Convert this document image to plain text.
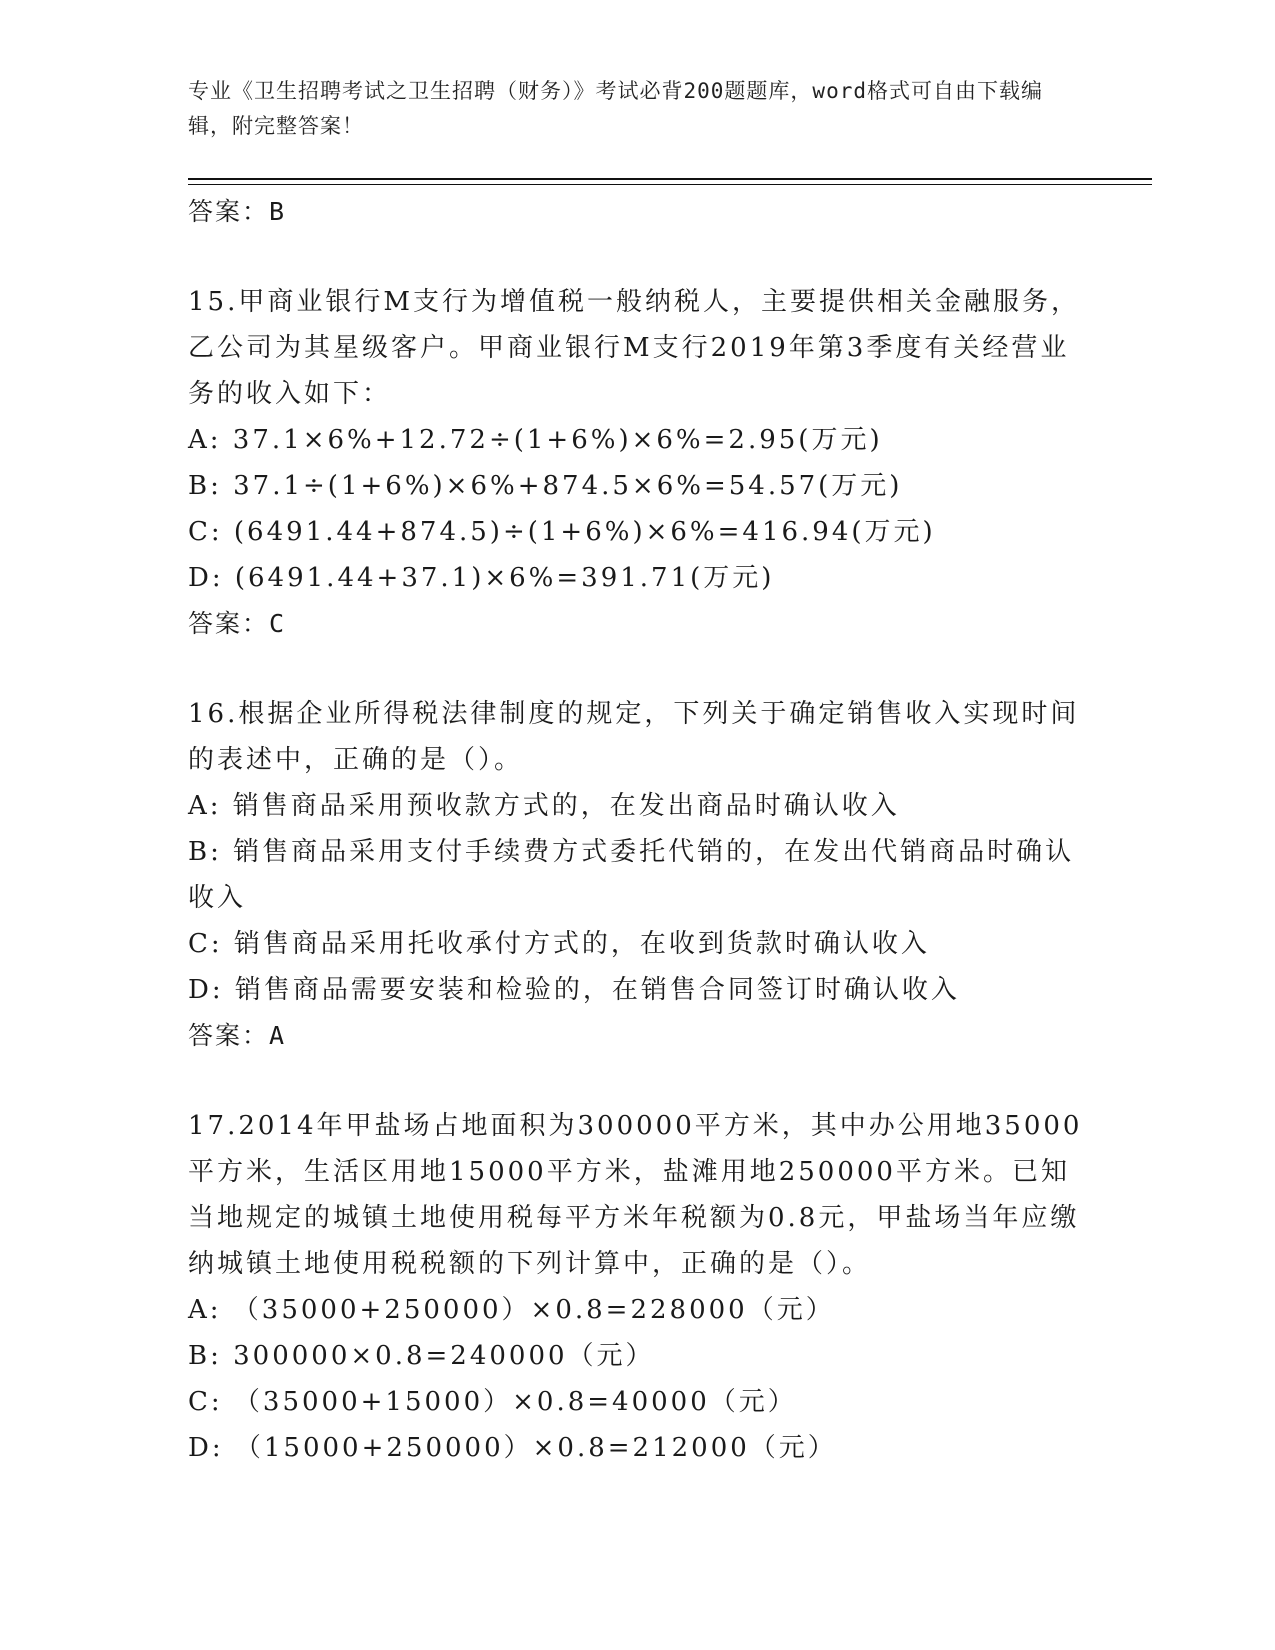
专业《卫生招聘考试之卫生招聘（财务）》考试必背200题题库，word格式可自由下载编辑，附完整答案！

答案：B

15.甲商业银行M支行为增值税一般纳税人，主要提供相关金融服务，乙公司为其星级客户。甲商业银行M支行2019年第3季度有关经营业务的收入如下：

A: 37.1×6%+12.72÷(1+6%)×6%=2.95(万元)

B: 37.1÷(1+6%)×6%+874.5×6%=54.57(万元)

C: (6491.44+874.5)÷(1+6%)×6%=416.94(万元)

D: (6491.44+37.1)×6%=391.71(万元)

答案：C

16.根据企业所得税法律制度的规定，下列关于确定销售收入实现时间的表述中，正确的是（）。

A: 销售商品采用预收款方式的，在发出商品时确认收入

B: 销售商品采用支付手续费方式委托代销的，在发出代销商品时确认收入

C: 销售商品采用托收承付方式的，在收到货款时确认收入

D: 销售商品需要安装和检验的，在销售合同签订时确认收入

答案：A

17.2014年甲盐场占地面积为300000平方米，其中办公用地35000平方米，生活区用地15000平方米，盐滩用地250000平方米。已知当地规定的城镇土地使用税每平方米年税额为0.8元，甲盐场当年应缴纳城镇土地使用税税额的下列计算中，正确的是（）。

A: （35000+250000）×0.8=228000（元）

B: 300000×0.8=240000（元）

C: （35000+15000）×0.8=40000（元）

D: （15000+250000）×0.8=212000（元）
